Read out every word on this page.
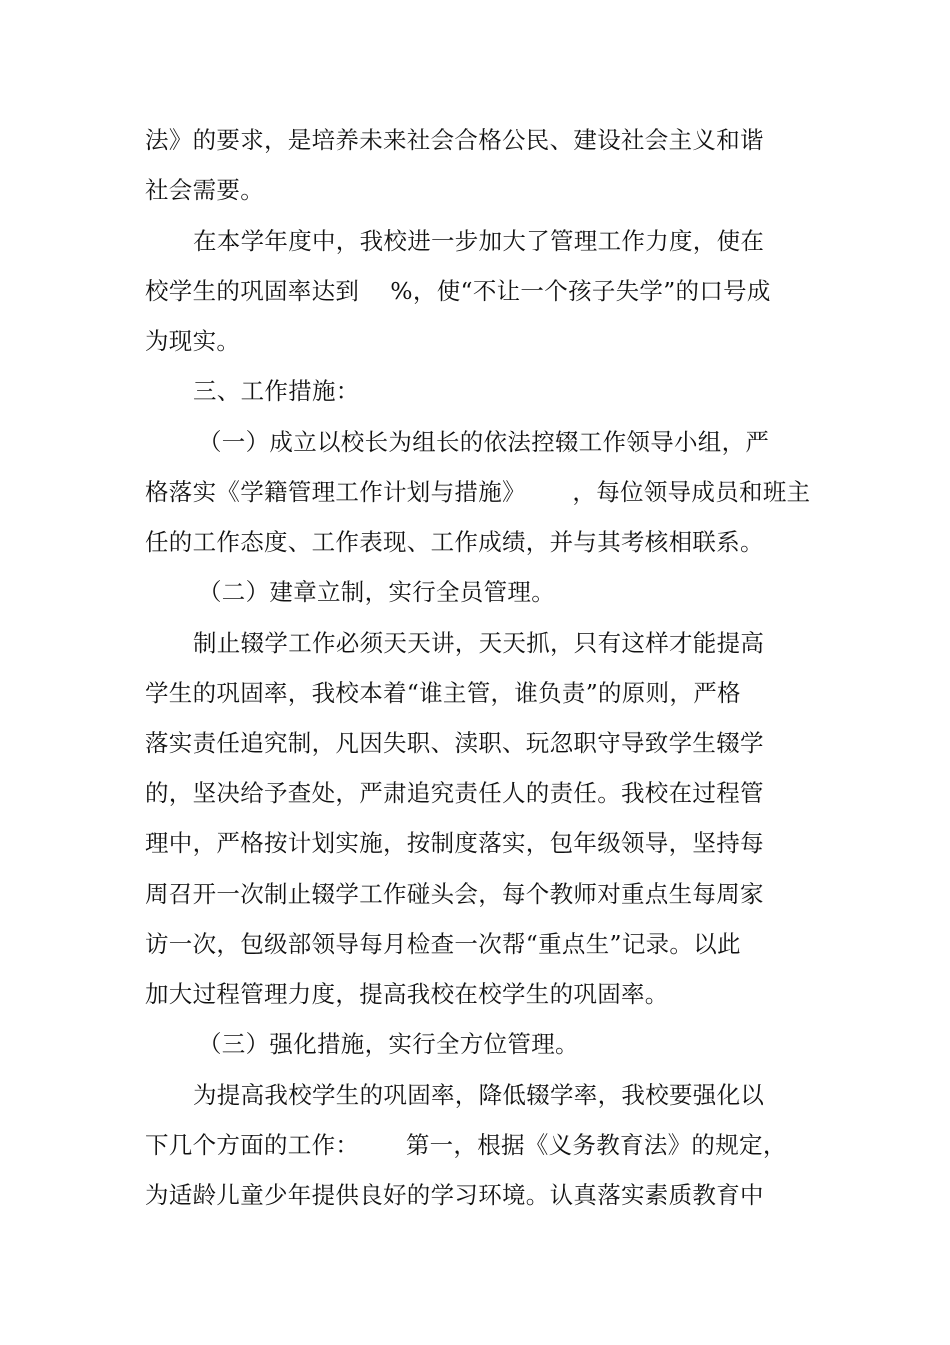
法》的要求，是培养未来社会合格公民、建设社会主义和谐
社会需要。
在本学年度中，我校进一步加大了管理工作力度，使在
校学生的巩固率达到    %，使“不让一个孩子失学”的口号成
为现实。
三、工作措施：
（一）成立以校长为组长的依法控辍工作领导小组，严
格落实《学籍管理工作计划与措施》      ，每位领导成员和班主
任的工作态度、工作表现、工作成绩，并与其考核相联系。
（二）建章立制，实行全员管理。
制止辍学工作必须天天讲，天天抓，只有这样才能提高
学生的巩固率，我校本着“谁主管，谁负责”的原则，严格
落实责任追究制，凡因失职、渎职、玩忽职守导致学生辍学
的，坚决给予查处，严肃追究责任人的责任。我校在过程管
理中，严格按计划实施，按制度落实，包年级领导，坚持每
周召开一次制止辍学工作碰头会，每个教师对重点生每周家
访一次，包级部领导每月检查一次帮“重点生”记录。以此
加大过程管理力度，提高我校在校学生的巩固率。
（三）强化措施，实行全方位管理。
为提高我校学生的巩固率，降低辍学率，我校要强化以
下几个方面的工作：      第一，根据《义务教育法》的规定，
为适龄儿童少年提供良好的学习环境。认真落实素质教育中
